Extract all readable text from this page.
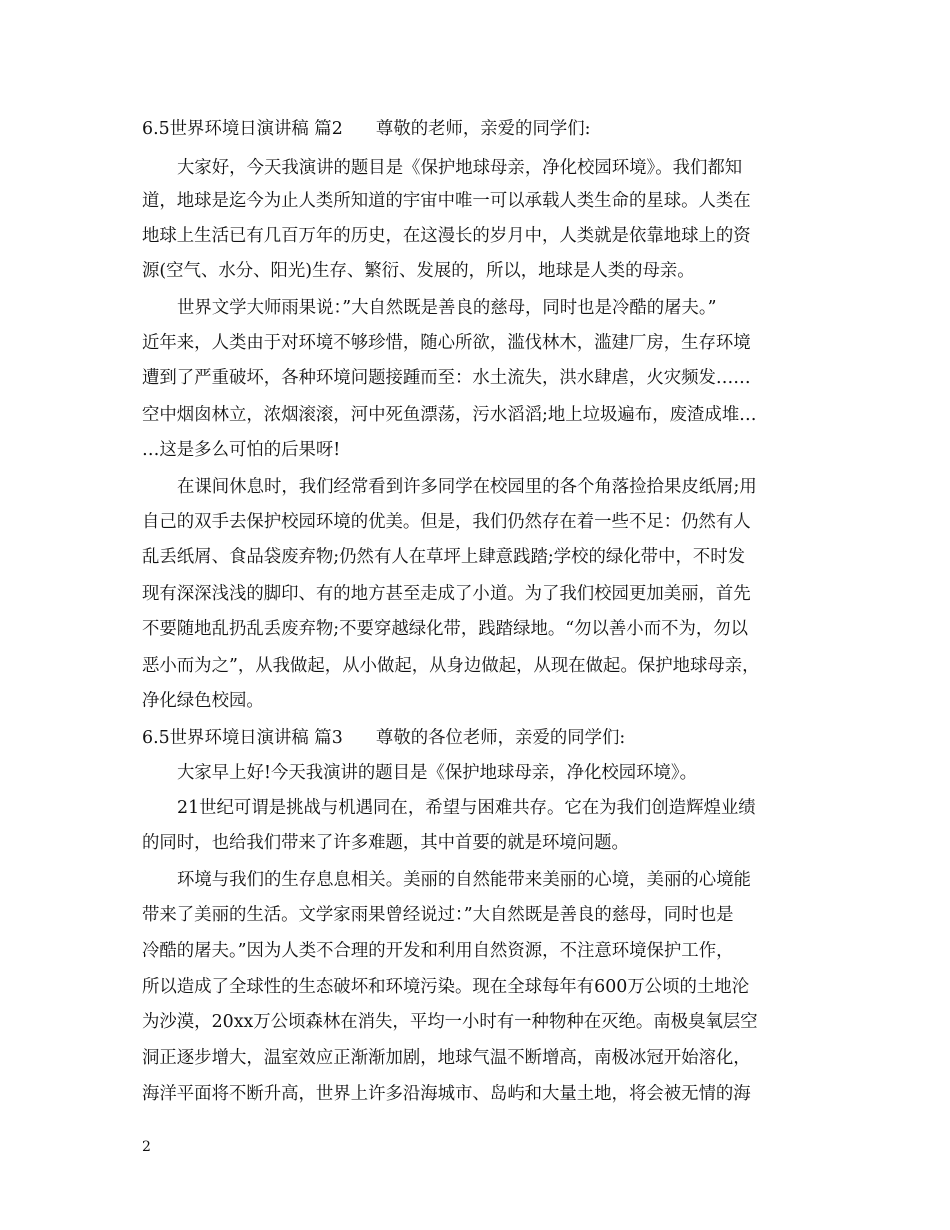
6.5世界环境日演讲稿 篇2      尊敬的老师，亲爱的同学们:
大家好，今天我演讲的题目是《保护地球母亲，净化校园环境》。我们都知
道，地球是迄今为止人类所知道的宇宙中唯一可以承载人类生命的星球。人类在
地球上生活已有几百万年的历史，在这漫长的岁月中，人类就是依靠地球上的资
源(空气、水分、阳光)生存、繁衍、发展的，所以，地球是人类的母亲。
世界文学大师雨果说：”大自然既是善良的慈母，同时也是冷酷的屠夫。”
近年来，人类由于对环境不够珍惜，随心所欲，滥伐林木，滥建厂房，生存环境
遭到了严重破坏，各种环境问题接踵而至：水土流失，洪水肆虐，火灾频发……
空中烟囱林立，浓烟滚滚，河中死鱼漂荡，污水滔滔;地上垃圾遍布，废渣成堆…
…这是多么可怕的后果呀!
在课间休息时，我们经常看到许多同学在校园里的各个角落捡拾果皮纸屑;用
自己的双手去保护校园环境的优美。但是，我们仍然存在着一些不足：仍然有人
乱丢纸屑、食品袋废弃物;仍然有人在草坪上肆意践踏;学校的绿化带中，不时发
现有深深浅浅的脚印、有的地方甚至走成了小道。为了我们校园更加美丽，首先
不要随地乱扔乱丢废弃物;不要穿越绿化带，践踏绿地。“勿以善小而不为，勿以
恶小而为之”，从我做起，从小做起，从身边做起，从现在做起。保护地球母亲，
净化绿色校园。
6.5世界环境日演讲稿 篇3      尊敬的各位老师，亲爱的同学们:
大家早上好!今天我演讲的题目是《保护地球母亲，净化校园环境》。
21世纪可谓是挑战与机遇同在，希望与困难共存。它在为我们创造辉煌业绩
的同时，也给我们带来了许多难题，其中首要的就是环境问题。
环境与我们的生存息息相关。美丽的自然能带来美丽的心境，美丽的心境能
带来了美丽的生活。文学家雨果曾经说过：”大自然既是善良的慈母，同时也是
冷酷的屠夫。”因为人类不合理的开发和利用自然资源，不注意环境保护工作，
所以造成了全球性的生态破坏和环境污染。现在全球每年有600万公顷的土地沦
为沙漠，20xx万公顷森林在消失，平均一小时有一种物种在灭绝。南极臭氧层空
洞正逐步增大，温室效应正渐渐加剧，地球气温不断增高，南极冰冠开始溶化，
海洋平面将不断升高，世界上许多沿海城市、岛屿和大量土地，将会被无情的海
2
